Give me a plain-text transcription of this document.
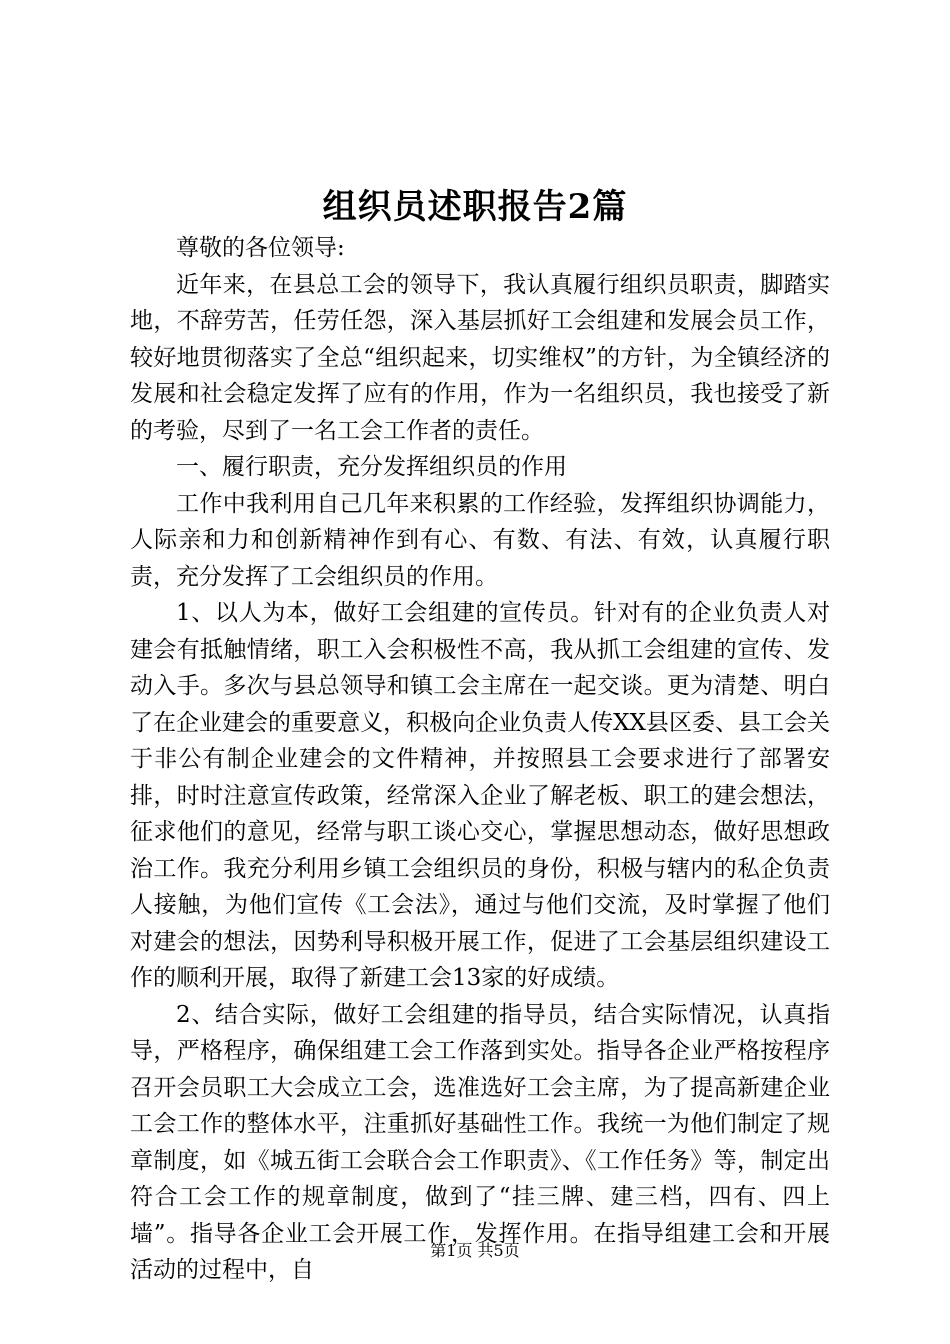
组织员述职报告2篇

尊敬的各位领导:

近年来，在县总工会的领导下，我认真履行组织员职责，脚踏实地，不辞劳苦，任劳任怨，深入基层抓好工会组建和发展会员工作，较好地贯彻落实了全总“组织起来，切实维权”的方针，为全镇经济的发展和社会稳定发挥了应有的作用，作为一名组织员，我也接受了新的考验，尽到了一名工会工作者的责任。

一、履行职责，充分发挥组织员的作用

工作中我利用自己几年来积累的工作经验，发挥组织协调能力，人际亲和力和创新精神作到有心、有数、有法、有效，认真履行职责，充分发挥了工会组织员的作用。

1、以人为本，做好工会组建的宣传员。针对有的企业负责人对建会有抵触情绪，职工入会积极性不高，我从抓工会组建的宣传、发动入手。多次与县总领导和镇工会主席在一起交谈。更为清楚、明白了在企业建会的重要意义，积极向企业负责人传XX县区委、县工会关于非公有制企业建会的文件精神，并按照县工会要求进行了部署安排，时时注意宣传政策，经常深入企业了解老板、职工的建会想法，征求他们的意见，经常与职工谈心交心，掌握思想动态，做好思想政治工作。我充分利用乡镇工会组织员的身份，积极与辖内的私企负责人接触，为他们宣传《工会法》，通过与他们交流，及时掌握了他们对建会的想法，因势利导积极开展工作，促进了工会基层组织建设工作的顺利开展，取得了新建工会13家的好成绩。

2、结合实际，做好工会组建的指导员，结合实际情况，认真指导，严格程序，确保组建工会工作落到实处。指导各企业严格按程序召开会员职工大会成立工会，选准选好工会主席，为了提高新建企业工会工作的整体水平，注重抓好基础性工作。我统一为他们制定了规章制度，如《城五街工会联合会工作职责》、《工作任务》等，制定出符合工会工作的规章制度，做到了“挂三牌、建三档，四有、四上墙”。指导各企业工会开展工作，发挥作用。在指导组建工会和开展活动的过程中，自

第1页 共5页
